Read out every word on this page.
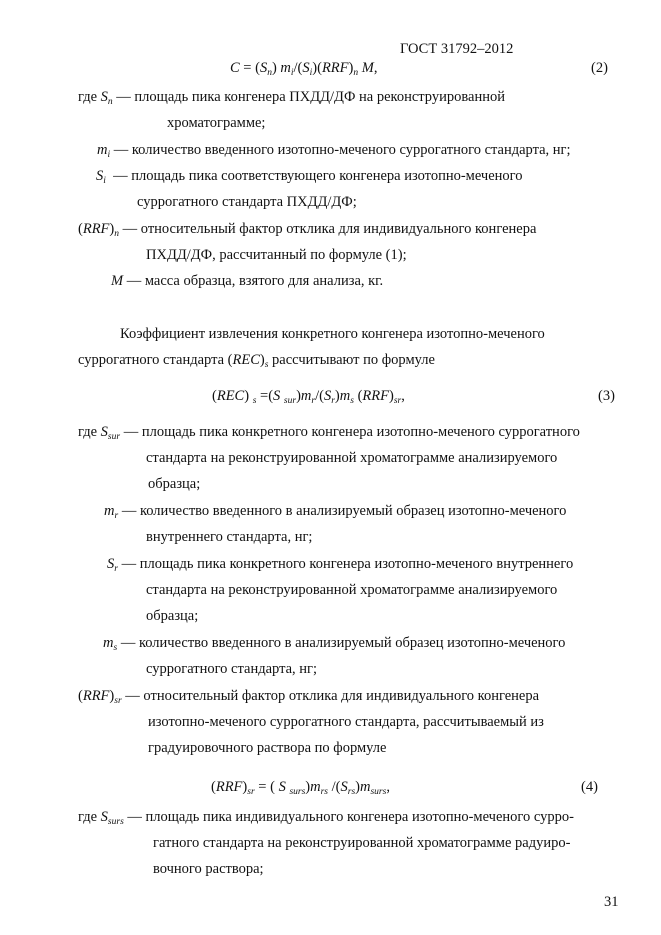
ГОСТ 31792–2012
$C = (S_n)$ $m_i/(S_i)(RRF)_n$ M,	(2)
где $S_n$ — площадь пика конгенера ПХДД/ДФ на реконструированной
хроматограмме;
$m_i$ — количество введенного изотопно-меченого суррогатного стандарта, нг;
$S_i$ — площадь пика соответствующего конгенера изотопно-меченого
суррогатного стандарта ПХДД/ДФ;
$(RRF)_n$ — относительный фактор отклика для индивидуального конгенера
ПХДД/ДФ, рассчитанный по формуле (1);
M — масса образца, взятого для анализа, кг.
Коэффициент извлечения конкретного конгенера изотопно-меченого
суррогатного стандарта $(REC)_s$ рассчитывают по формуле
(REC) $_s$ =(S $_{sur})m_r/(S_r)m_s$ $(RRF)_{sr}$,	(3)
где $S_{sur}$ — площадь пика конкретного конгенера изотопно-меченого суррогатного
стандарта на реконструированной хроматограмме анализируемого
образца;
$m_r$ — количество введенного в анализируемый образец изотопно-меченого
внутреннего стандарта, нг;
$S_r$ — площадь пика конкретного конгенера изотопно-меченого внутреннего
стандарта на реконструированной хроматограмме анализируемого
образца;
$m_s$ — количество введенного в анализируемый образец изотопно-меченого
суррогатного стандарта, нг;
$(RRF)_{sr}$ — относительный фактор отклика для индивидуального конгенера
изотопно-меченого суррогатного стандарта, рассчитываемый из
градуировочного раствора по формуле
$(RRF)_{sr}$ = ( S $_{surs})m_{rs}$ $/(S_{rs})m_{surs}$,	(4)
где $S_{surs}$ — площадь пика индивидуального конгенера изотопно-меченого сурро-
гатного стандарта на реконструированной хроматограмме радуиро-
вочного раствора;
31
